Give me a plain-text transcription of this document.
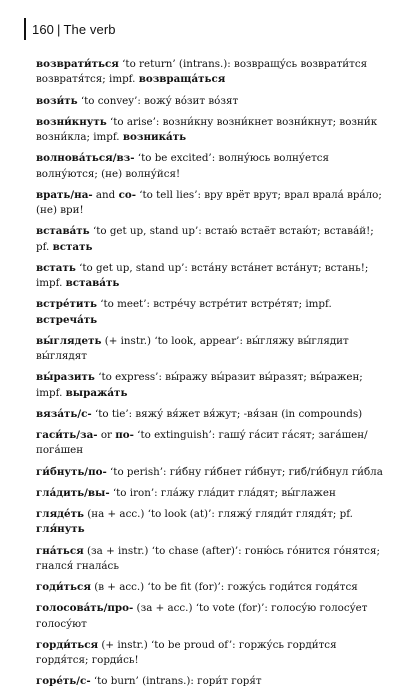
160 | The verb
возврати́ться ‘to return’ (intrans.): возвращу́сь возврати́тся возвратя́тся; impf. возвраща́ться
вози́ть ‘to convey’: вожу́ во́зит во́зят
возни́кнуть ‘to arise’: возни́кну возни́кнет возни́кнут; возни́к возни́кла; impf. возника́ть
волнова́ться/вз- ‘to be excited’: волну́юсь волну́ется волну́ются; (не) волну́йся!
врать/на- and со- ‘to tell lies’: вру врёт врут; врал врала́ вра́ло; (не) ври!
встава́ть ‘to get up, stand up’: встаю́ встаёт встаю́т; встава́й!; pf. встать
встать ‘to get up, stand up’: вста́ну вста́нет вста́нут; встань!; impf. встава́ть
встре́тить ‘to meet’: встре́чу встре́тит встре́тят; impf. встреча́ть
вы́глядеть (+ instr.) ‘to look, appear’: вы́гляжу вы́глядит вы́глядят
вы́разить ‘to express’: вы́ражу вы́разит вы́разят; вы́ражен; impf. выража́ть
вяза́ть/с- ‘to tie’: вяжу́ вя́жет вя́жут; -вя́зан (in compounds)
гаси́ть/за- or по- ‘to extinguish’: гашу́ га́сит га́сят; зага́шен/пога́шен
ги́бнуть/по- ‘to perish’: ги́бну ги́бнет ги́бнут; гиб/ги́бнул ги́бла
гла́дить/вы- ‘to iron’: гла́жу гла́дит гла́дят; вы́глажен
гляде́ть (на + acc.) ‘to look (at)’: гляжу́ гляди́т глядя́т; pf. гля́нуть
гна́ться (за + instr.) ‘to chase (after)’: гоню́сь го́нится го́нятся; гнался́ гнала́сь
годи́ться (в + acc.) ‘to be fit (for)’: гожу́сь годи́тся годя́тся
голосова́ть/про- (за + acc.) ‘to vote (for)’: голосу́ю голосу́ет голосу́ют
горди́ться (+ instr.) ‘to be proud of’: горжу́сь горди́тся гордя́тся; горди́сь!
горе́ть/с- ‘to burn’ (intrans.): гори́т горя́т
